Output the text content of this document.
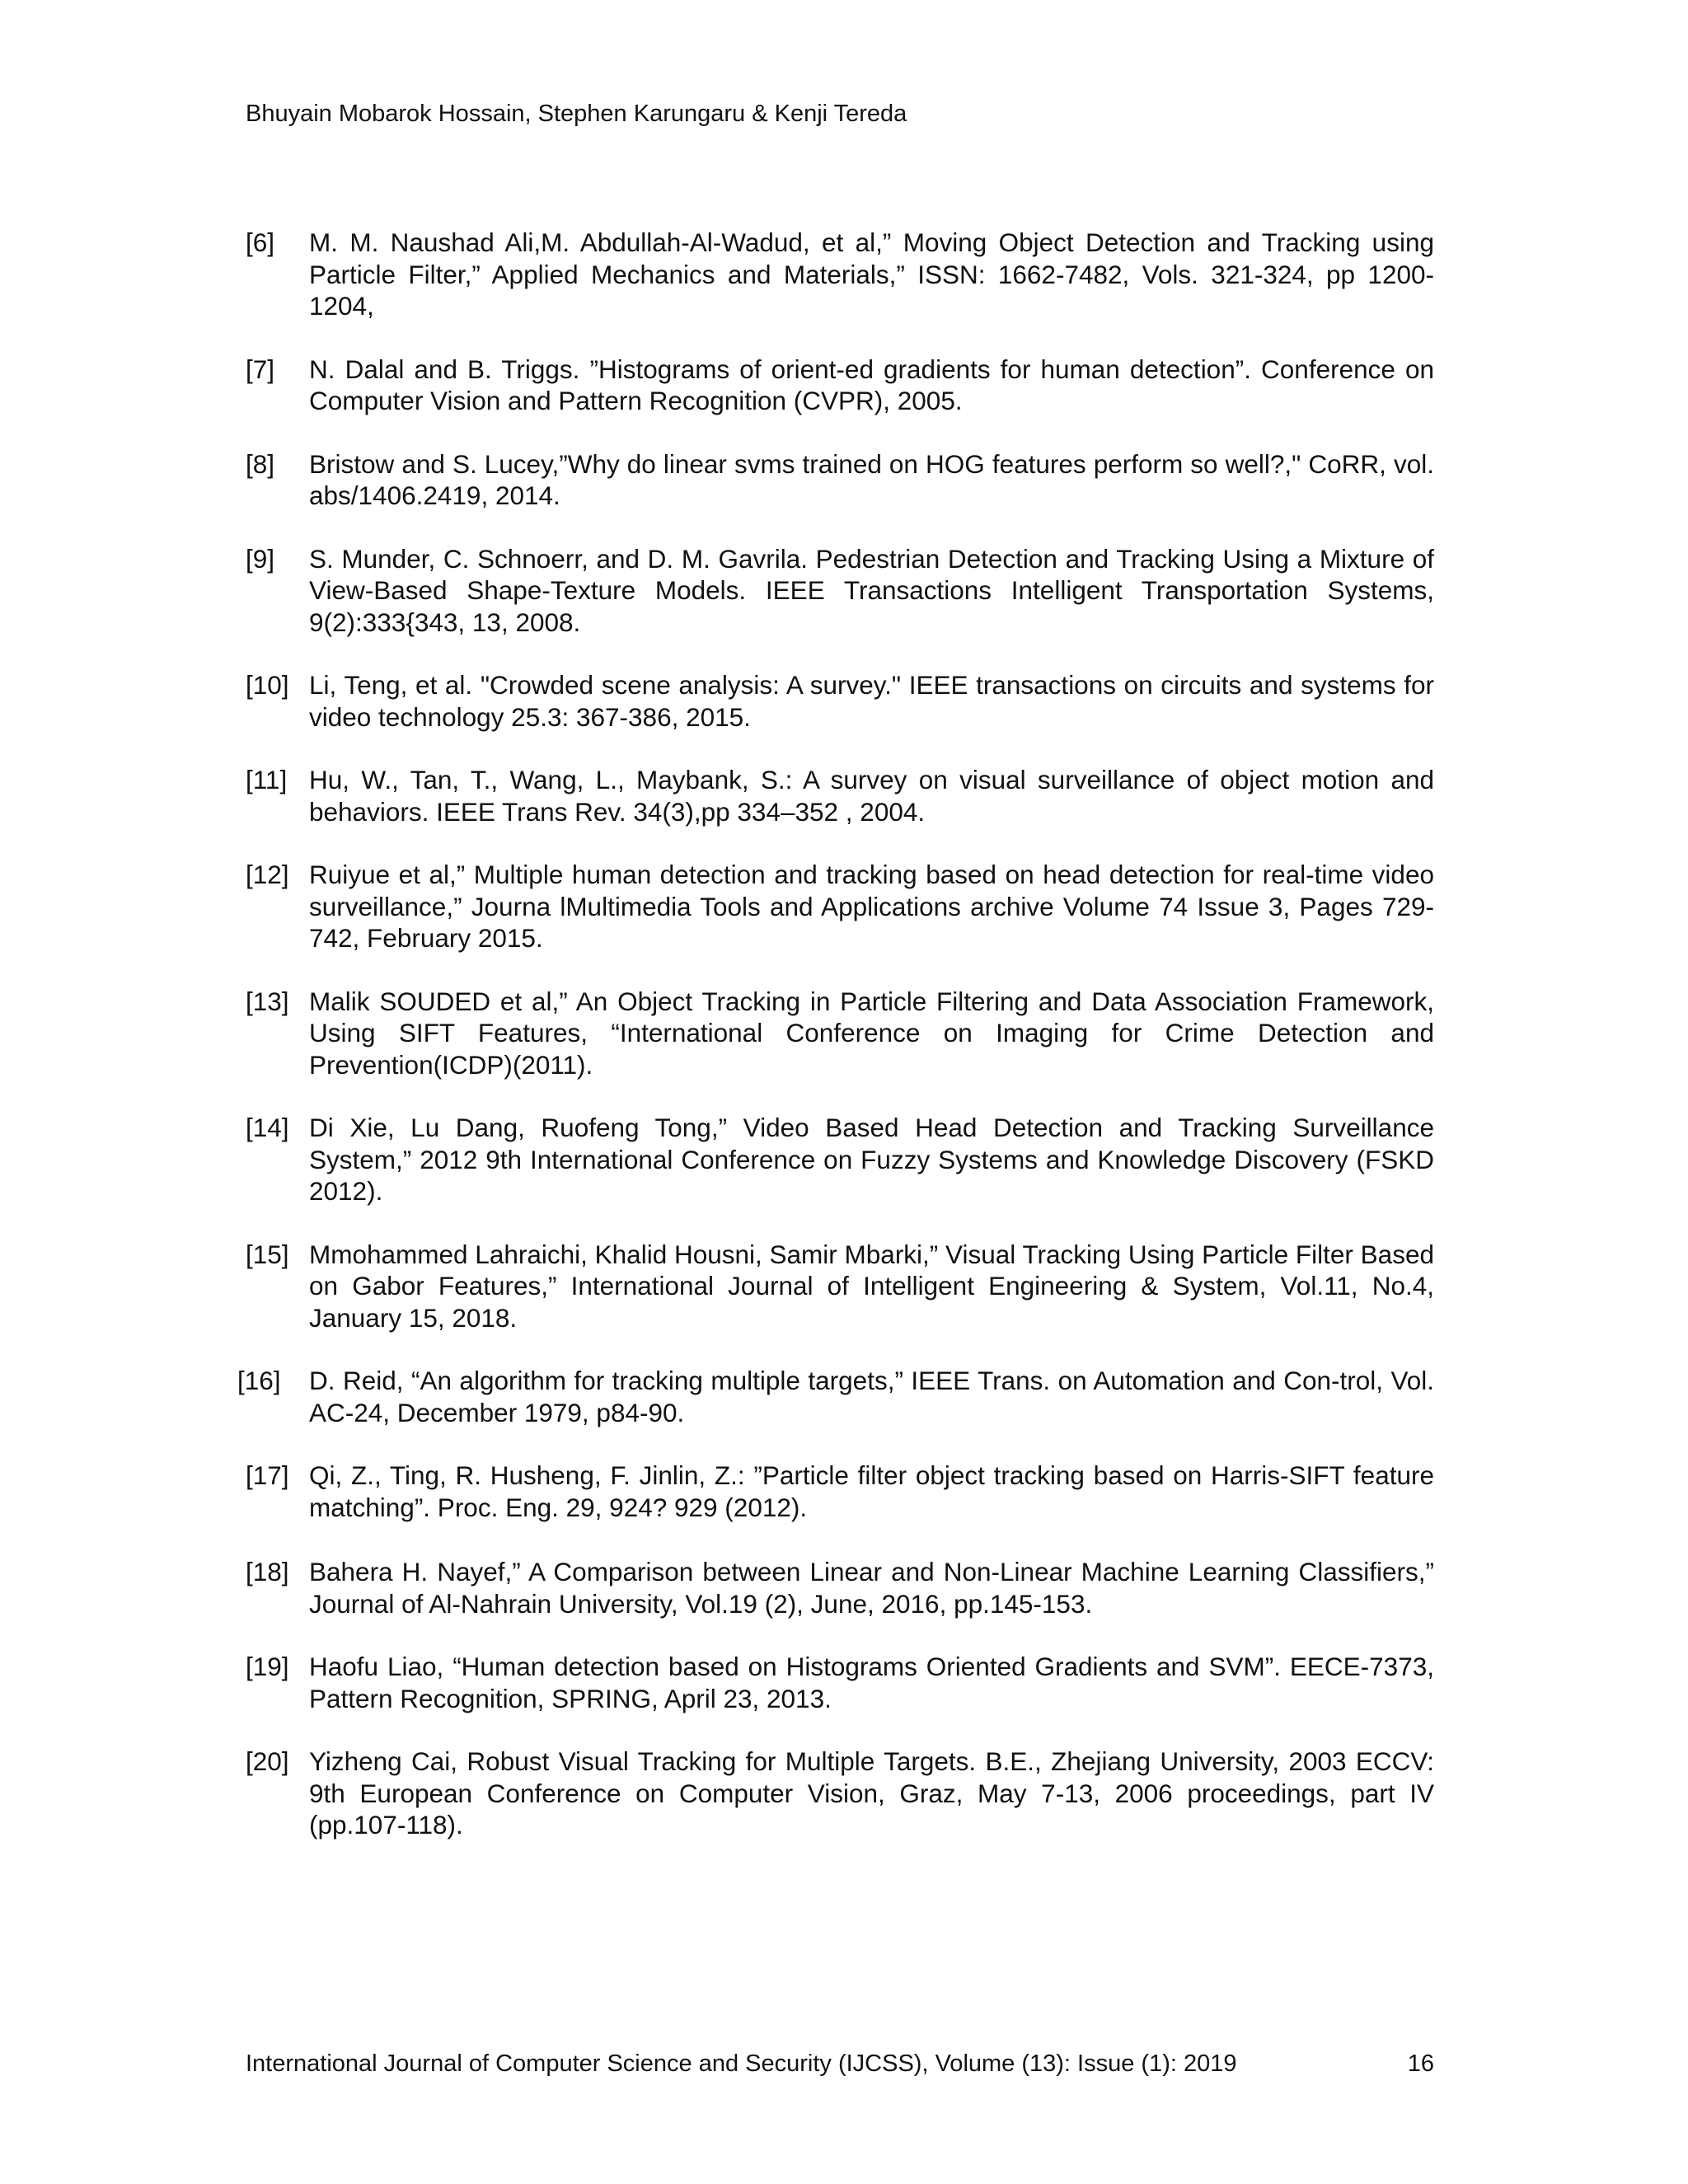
Bhuyain Mobarok Hossain, Stephen Karungaru & Kenji Tereda
[6] M. M. Naushad Ali,M. Abdullah-Al-Wadud, et al,” Moving Object Detection and Tracking using Particle Filter,” Applied Mechanics and Materials,” ISSN: 1662-7482, Vols. 321-324, pp 1200-1204,
[7] N. Dalal and B. Triggs. ”Histograms of orient-ed gradients for human detection”. Conference on Computer Vision and Pattern Recognition (CVPR), 2005.
[8] Bristow and S. Lucey,”Why do linear svms trained on HOG features perform so well?," CoRR, vol. abs/1406.2419, 2014.
[9] S. Munder, C. Schnoerr, and D. M. Gavrila. Pedestrian Detection and Tracking Using a Mixture of View-Based Shape-Texture Models. IEEE Transactions Intelligent Transportation Systems, 9(2):333{343, 13, 2008.
[10] Li, Teng, et al. "Crowded scene analysis: A survey." IEEE transactions on circuits and systems for video technology 25.3: 367-386, 2015.
[11] Hu, W., Tan, T., Wang, L., Maybank, S.: A survey on visual surveillance of object motion and behaviors. IEEE Trans Rev. 34(3),pp 334–352 , 2004.
[12] Ruiyue et al,” Multiple human detection and tracking based on head detection for real-time video surveillance,” Journa lMultimedia Tools and Applications archive Volume 74 Issue 3, Pages 729-742, February 2015.
[13] Malik SOUDED et al,” An Object Tracking in Particle Filtering and Data Association Framework, Using SIFT Features, “International Conference on Imaging for Crime Detection and Prevention(ICDP)(2011).
[14] Di Xie, Lu Dang, Ruofeng Tong,” Video Based Head Detection and Tracking Surveillance System,” 2012 9th International Conference on Fuzzy Systems and Knowledge Discovery (FSKD 2012).
[15] Mmohammed Lahraichi, Khalid Housni, Samir Mbarki,” Visual Tracking Using Particle Filter Based on Gabor Features,” International Journal of Intelligent Engineering & System, Vol.11, No.4, January 15, 2018.
[16] D. Reid, “An algorithm for tracking multiple targets,” IEEE Trans. on Automation and Con-trol, Vol. AC-24, December 1979, p84-90.
[17] Qi, Z., Ting, R. Husheng, F. Jinlin, Z.: ”Particle filter object tracking based on Harris-SIFT feature matching”. Proc. Eng. 29, 924? 929 (2012).
[18] Bahera H. Nayef,” A Comparison between Linear and Non-Linear Machine Learning Classifiers,” Journal of Al-Nahrain University, Vol.19 (2), June, 2016, pp.145-153.
[19] Haofu Liao, “Human detection based on Histograms Oriented Gradients and SVM”. EECE-7373, Pattern Recognition, SPRING, April 23, 2013.
[20] Yizheng Cai, Robust Visual Tracking for Multiple Targets. B.E., Zhejiang University, 2003 ECCV: 9th European Conference on Computer Vision, Graz, May 7-13, 2006 proceedings, part IV (pp.107-118).
International Journal of Computer Science and Security (IJCSS), Volume (13): Issue (1): 2019	16
